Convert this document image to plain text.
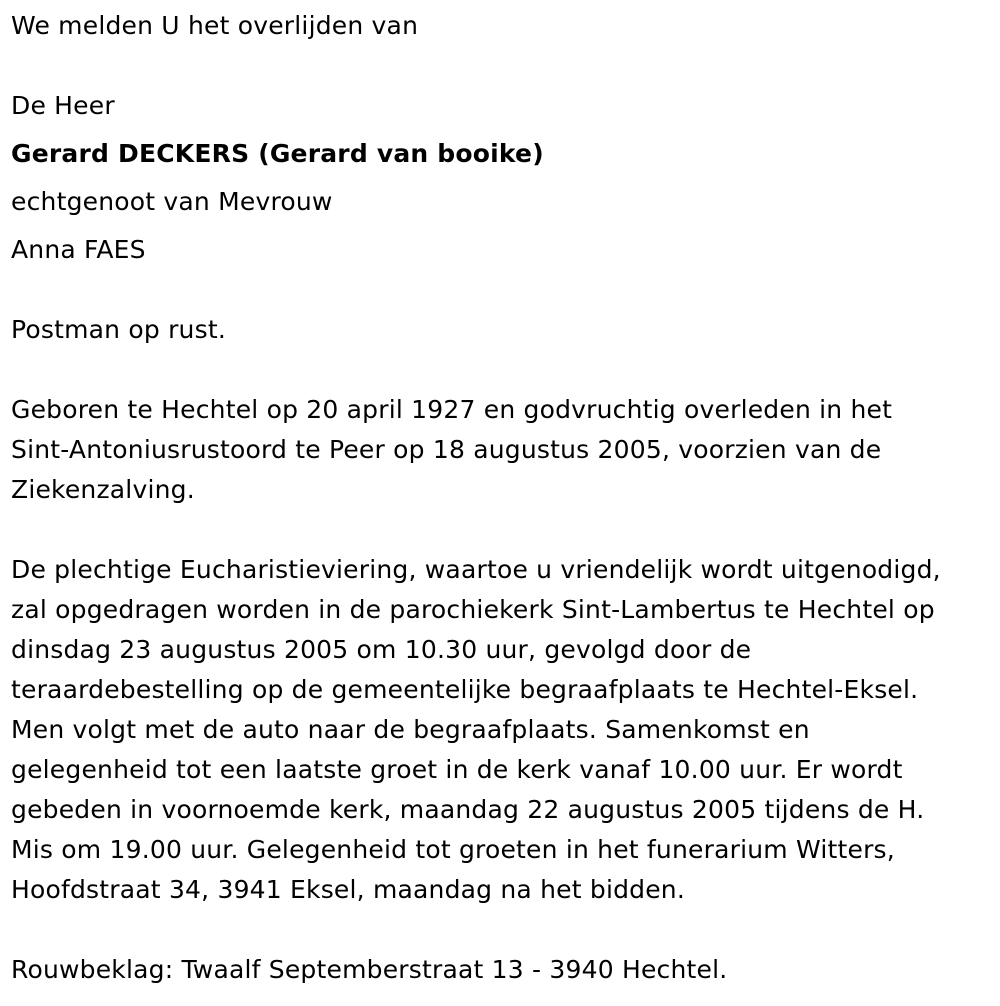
We melden U het overlijden van
De Heer
Gerard DECKERS (Gerard van booike)
echtgenoot van Mevrouw
Anna FAES
Postman op rust.
Geboren te Hechtel op 20 april 1927 en godvruchtig overleden in het
Sint-Antoniusrustoord te Peer op 18 augustus 2005, voorzien van de
Ziekenzalving.
De plechtige Eucharistieviering, waartoe u vriendelijk wordt uitgenodigd,
zal opgedragen worden in de parochiekerk Sint-Lambertus te Hechtel op
dinsdag 23 augustus 2005 om 10.30 uur, gevolgd door de
teraardebestelling op de gemeentelijke begraafplaats te Hechtel-Eksel.
Men volgt met de auto naar de begraafplaats. Samenkomst en
gelegenheid tot een laatste groet in de kerk vanaf 10.00 uur. Er wordt
gebeden in voornoemde kerk, maandag 22 augustus 2005 tijdens de H.
Mis om 19.00 uur. Gelegenheid tot groeten in het funerarium Witters,
Hoofdstraat 34, 3941 Eksel, maandag na het bidden.
Rouwbeklag: Twaalf Septemberstraat 13 - 3940 Hechtel.
